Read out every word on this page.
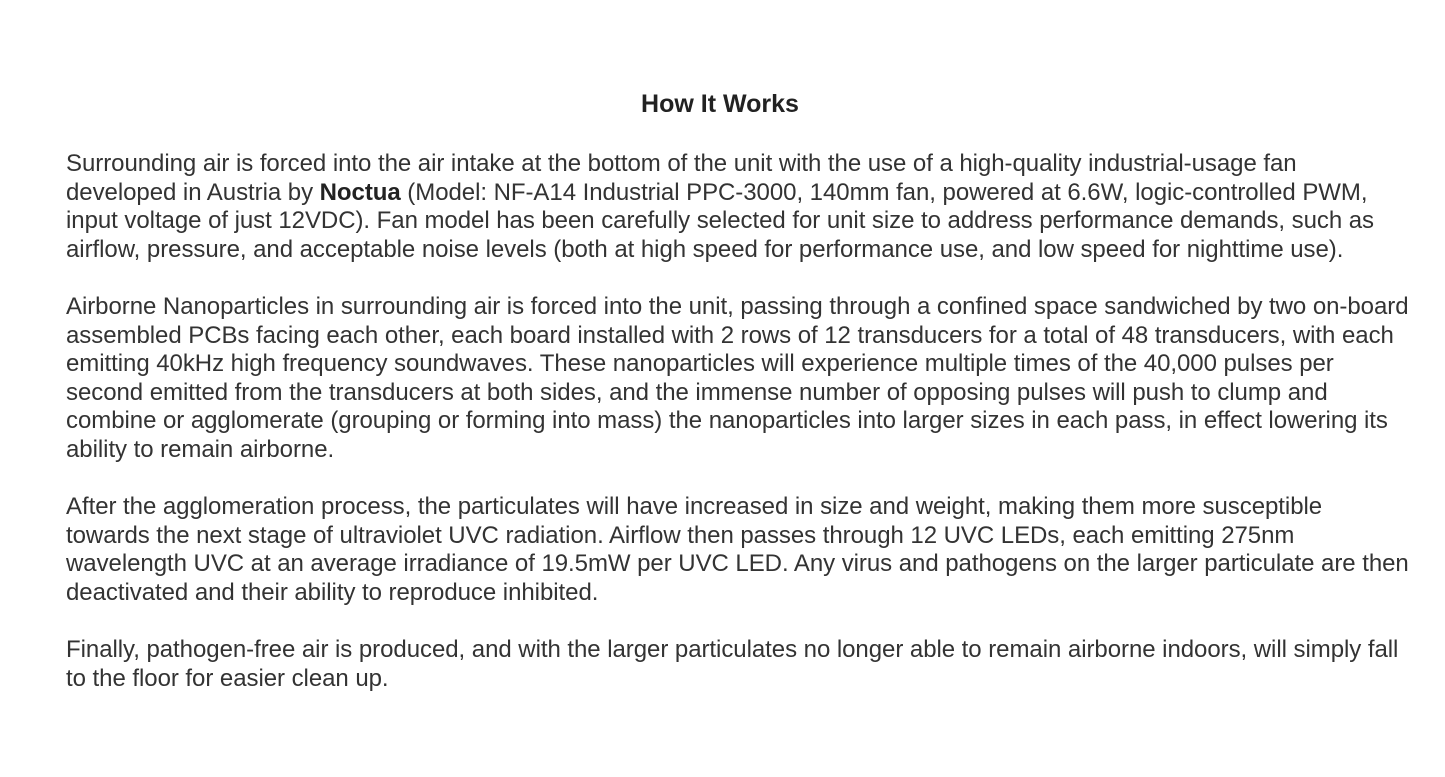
How It Works

Surrounding air is forced into the air intake at the bottom of the unit with the use of a high-quality industrial-usage fan developed in Austria by Noctua (Model: NF-A14 Industrial PPC-3000, 140mm fan, powered at 6.6W, logic-controlled PWM, input voltage of just 12VDC). Fan model has been carefully selected for unit size to address performance demands, such as airflow, pressure, and acceptable noise levels (both at high speed for performance use, and low speed for nighttime use).

Airborne Nanoparticles in surrounding air is forced into the unit, passing through a confined space sandwiched by two on-board assembled PCBs facing each other, each board installed with 2 rows of 12 transducers for a total of 48 transducers, with each emitting 40kHz high frequency soundwaves. These nanoparticles will experience multiple times of the 40,000 pulses per second emitted from the transducers at both sides, and the immense number of opposing pulses will push to clump and combine or agglomerate (grouping or forming into mass) the nanoparticles into larger sizes in each pass, in effect lowering its ability to remain airborne.

After the agglomeration process, the particulates will have increased in size and weight, making them more susceptible towards the next stage of ultraviolet UVC radiation. Airflow then passes through 12 UVC LEDs, each emitting 275nm wavelength UVC at an average irradiance of 19.5mW per UVC LED. Any virus and pathogens on the larger particulate are then deactivated and their ability to reproduce inhibited.

Finally, pathogen-free air is produced, and with the larger particulates no longer able to remain airborne indoors, will simply fall to the floor for easier clean up.
